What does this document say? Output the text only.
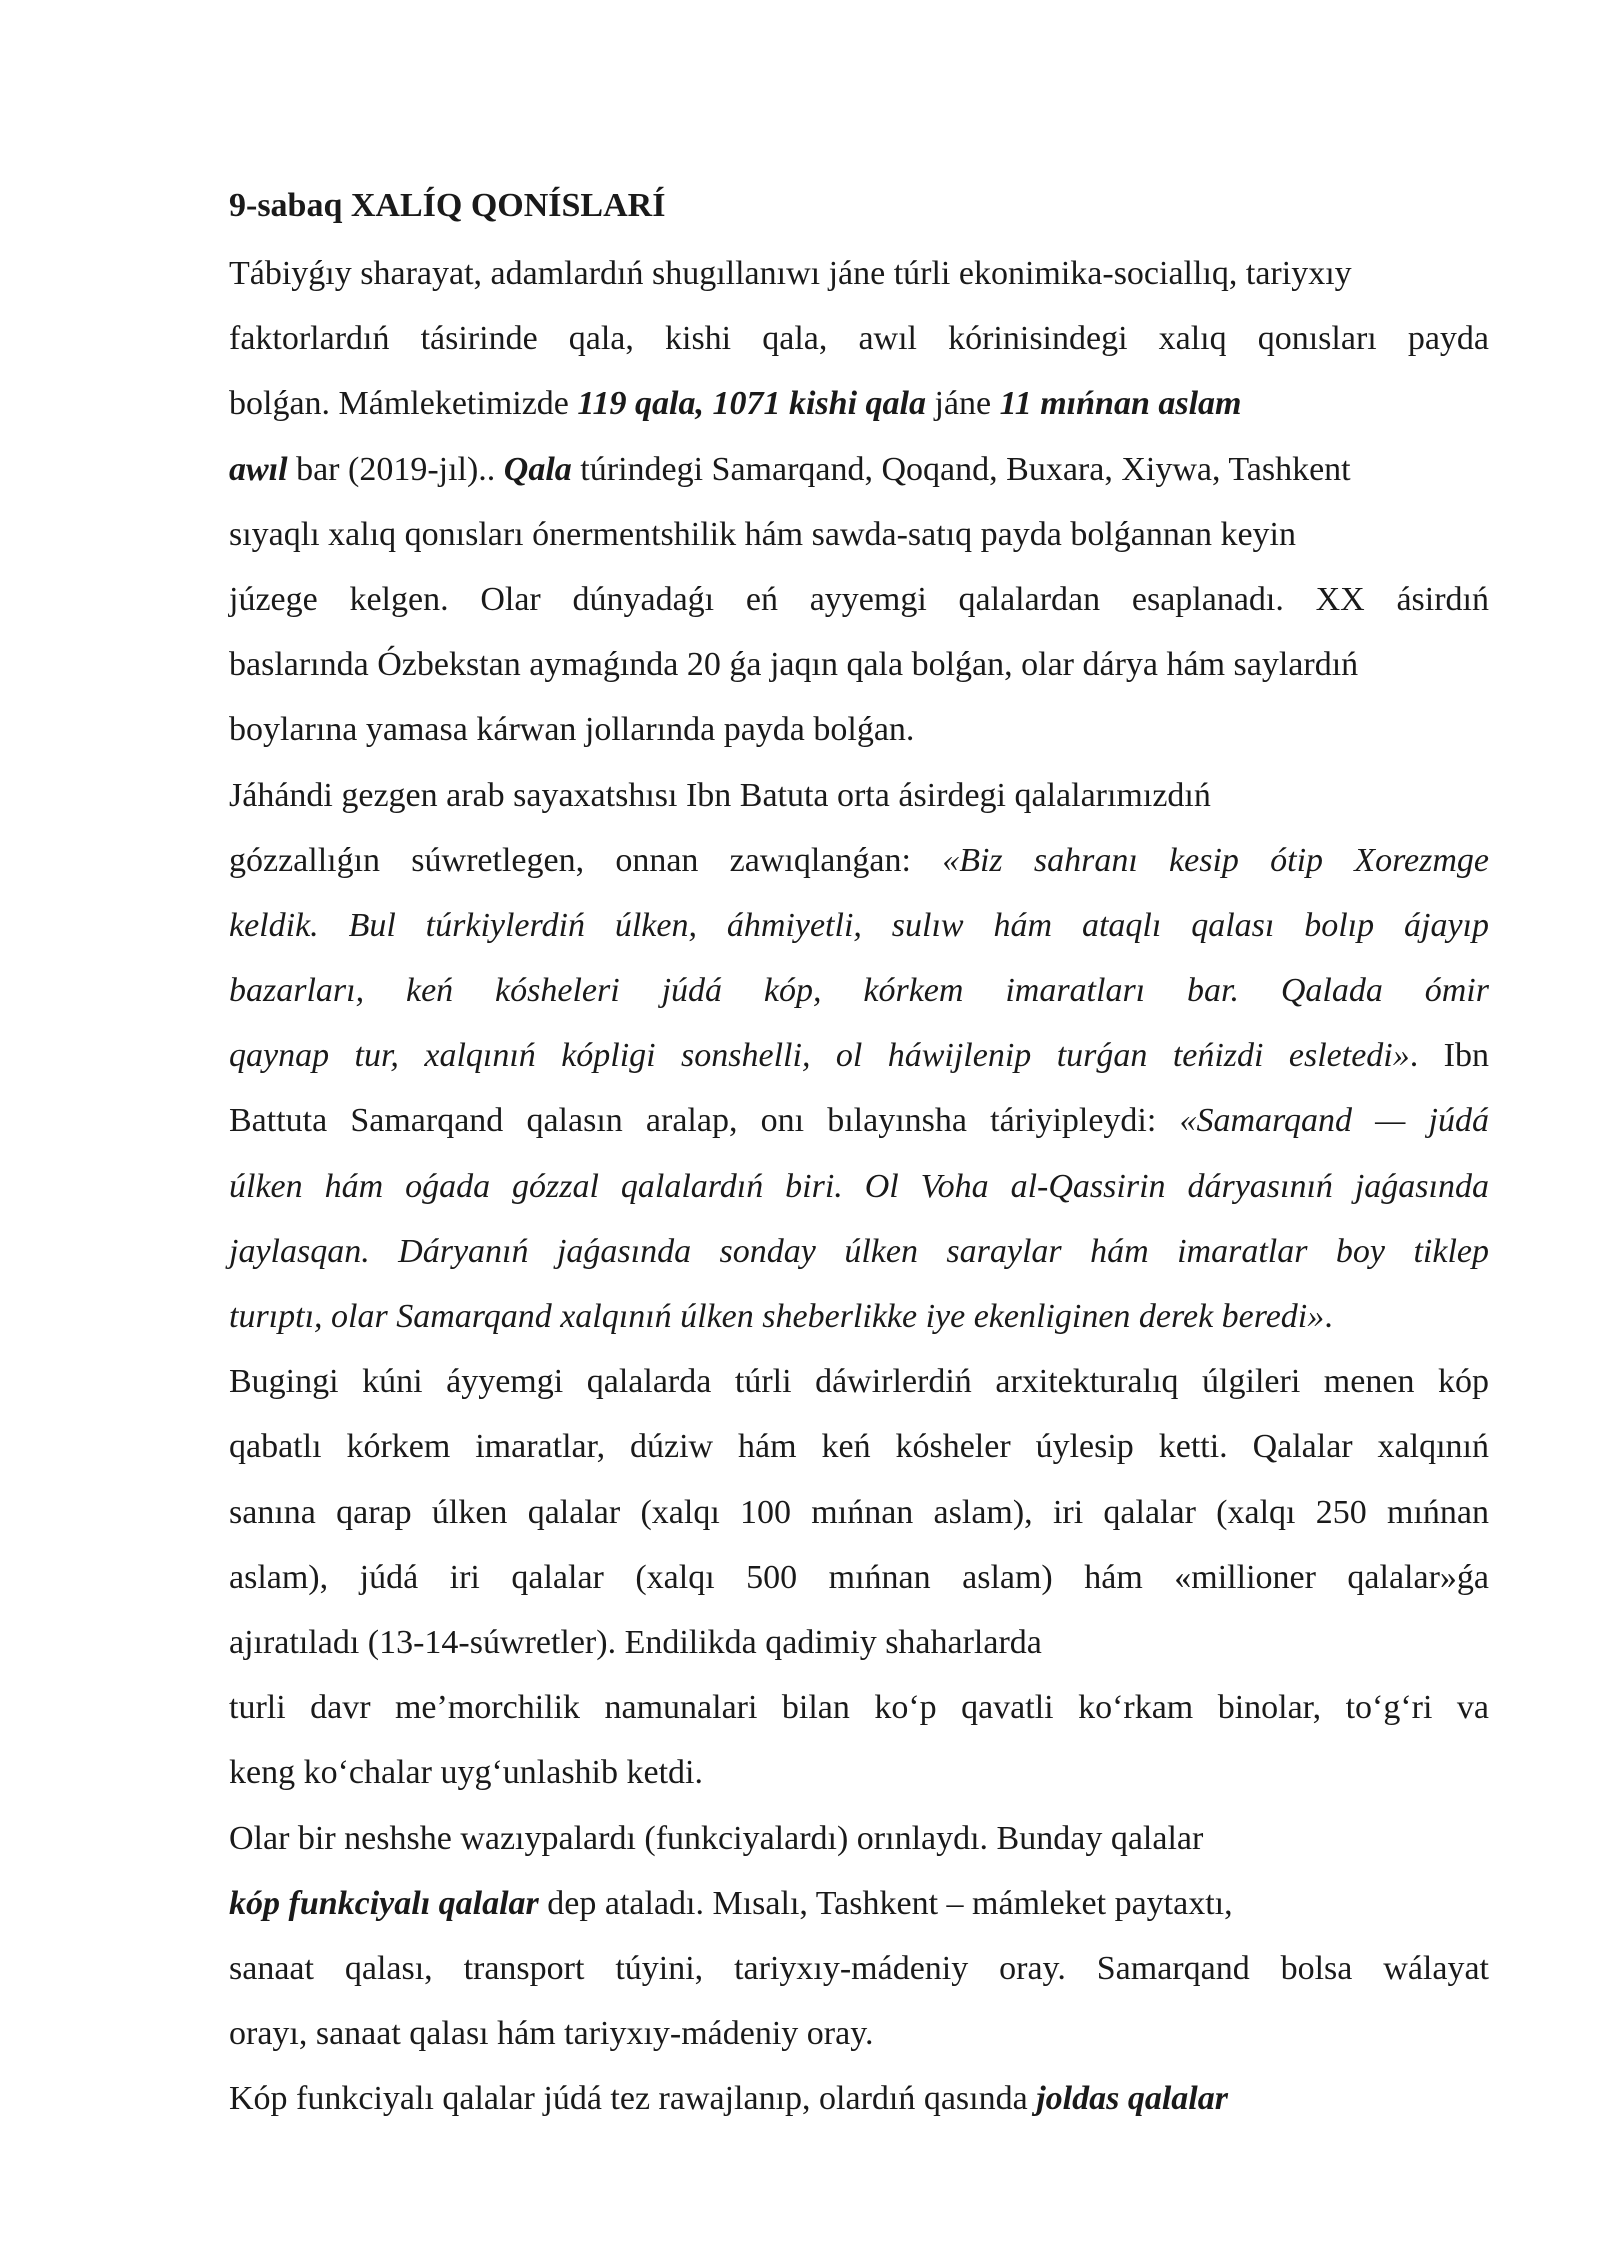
9-sabaq XALÍQ QONÍSLARÍ
Tábiyǵıy sharayat, adamlardıń shugıllanıwı jáne túrli ekonimika-sociallıq, tariyxıy
faktorlardıń tásirinde qala, kishi qala, awıl kórinisindegi xalıq qonısları payda
bolǵan. Mámleketimizde 119 qala, 1071 kishi qala jáne 11 mıńnan aslam
awıl bar (2019-jıl).. Qala túrindegi Samarqand, Qoqand, Buxara, Xiywa, Tashkent
sıyaqlı xalıq qonısları ónermentshilik hám sawda-satıq payda bolǵannan keyin
júzege kelgen. Olar dúnyadaǵı eń ayyemgi qalalardan esaplanadı. XX ásirdıń
baslarında Ózbekstan aymaǵında 20 ǵa jaqın qala bolǵan, olar dárya hám saylardıń
boylarına yamasa kárwan jollarında payda bolǵan.
Jáhándi gezgen arab sayaxatshısı Ibn Batuta orta ásirdegi qalalarımızdıń
gózzallıǵın súwretlegen, onnan zawıqlanǵan: «Biz sahranı kesip ótip Xorezmge
keldik. Bul túrkiylerdiń úlken, áhmiyetli, sulıw hám ataqlı qalası bolıp ájayıp
bazarları, keń kósheleri júdá kóp, kórkem imaratları bar. Qalada ómir
qaynap tur, xalqınıń kópligi sonshelli, ol háwijlenip turǵan teńizdi esletedi». Ibn
Battuta Samarqand qalasın aralap, onı bılayınsha táriyipleydi: «Samarqand — júdá
úlken hám oǵada gózzal qalalardıń biri. Ol Voha al-Qassirin dáryasınıń jaǵasında
jaylasqan. Dáryanıń jaǵasında sonday úlken saraylar hám imaratlar boy tiklep
turıptı, olar Samarqand xalqınıń úlken sheberlikke iye ekenliginen derek beredi».
Bugingi kúni áyyemgi qalalarda túrli dáwirlerdiń arxitekturalıq úlgileri menen kóp
qabatlı kórkem imaratlar, dúziw hám keń kósheler úylesip ketti. Qalalar xalqınıń
sanına qarap úlken qalalar (xalqı 100 mıńnan aslam), iri qalalar (xalqı 250 mıńnan
aslam), júdá iri qalalar (xalqı 500 mıńnan aslam) hám «millioner qalalar»ǵa
ajıratıladı (13-14-súwretler). Endilikda qadimiy shaharlarda
turli davr me’morchilik namunalari bilan ko‘p qavatli ko‘rkam binolar, to‘g‘ri va
keng ko‘chalar uyg‘unlashib ketdi.
Olar bir neshshe wazıypalardı (funkciyalardı) orınlaydı. Bunday qalalar
kóp funkciyalı qalalar dep ataladı. Mısalı, Tashkent – mámleket paytaxtı,
sanaat qalası, transport túyini, tariyxıy-mádeniy oray. Samarqand bolsa wálayat
orayı, sanaat qalası hám tariyxıy-mádeniy oray.
Kóp funkciyalı qalalar júdá tez rawajlanıp, olardıń qasında joldas qalalar
